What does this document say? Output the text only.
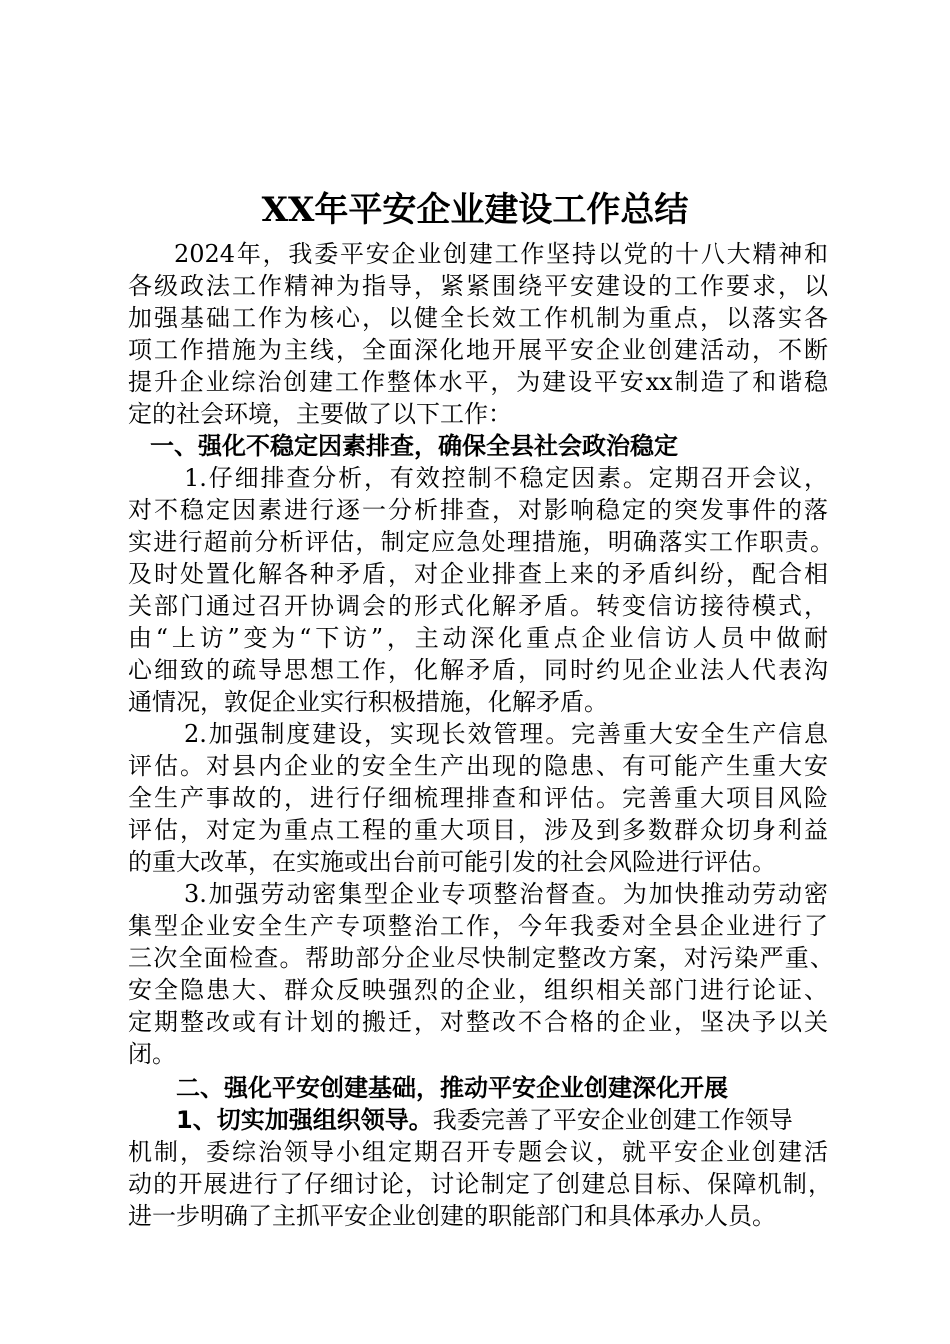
XX年平安企业建设工作总结
2024年，我委平安企业创建工作坚持以党的十八大精神和
各级政法工作精神为指导，紧紧围绕平安建设的工作要求，以
加强基础工作为核心，以健全长效工作机制为重点，以落实各
项工作措施为主线，全面深化地开展平安企业创建活动，不断
提升企业综治创建工作整体水平，为建设平安xx制造了和谐稳
定的社会环境，主要做了以下工作：
一、强化不稳定因素排查，确保全县社会政治稳定
1.仔细排查分析，有效控制不稳定因素。定期召开会议，
对不稳定因素进行逐一分析排查，对影响稳定的突发事件的落
实进行超前分析评估，制定应急处理措施，明确落实工作职责。
及时处置化解各种矛盾，对企业排查上来的矛盾纠纷，配合相
关部门通过召开协调会的形式化解矛盾。转变信访接待模式，
由“上访”变为“下访”，主动深化重点企业信访人员中做耐
心细致的疏导思想工作，化解矛盾，同时约见企业法人代表沟
通情况，敦促企业实行积极措施，化解矛盾。
2.加强制度建设，实现长效管理。完善重大安全生产信息
评估。对县内企业的安全生产出现的隐患、有可能产生重大安
全生产事故的，进行仔细梳理排查和评估。完善重大项目风险
评估，对定为重点工程的重大项目，涉及到多数群众切身利益
的重大改革，在实施或出台前可能引发的社会风险进行评估。
3.加强劳动密集型企业专项整治督查。为加快推动劳动密
集型企业安全生产专项整治工作，今年我委对全县企业进行了
三次全面检查。帮助部分企业尽快制定整改方案，对污染严重、
安全隐患大、群众反映强烈的企业，组织相关部门进行论证、
定期整改或有计划的搬迁，对整改不合格的企业，坚决予以关
闭。
二、强化平安创建基础，推动平安企业创建深化开展
1、切实加强组织领导。我委完善了平安企业创建工作领导
机制，委综治领导小组定期召开专题会议，就平安企业创建活
动的开展进行了仔细讨论，讨论制定了创建总目标、保障机制，
进一步明确了主抓平安企业创建的职能部门和具体承办人员。
